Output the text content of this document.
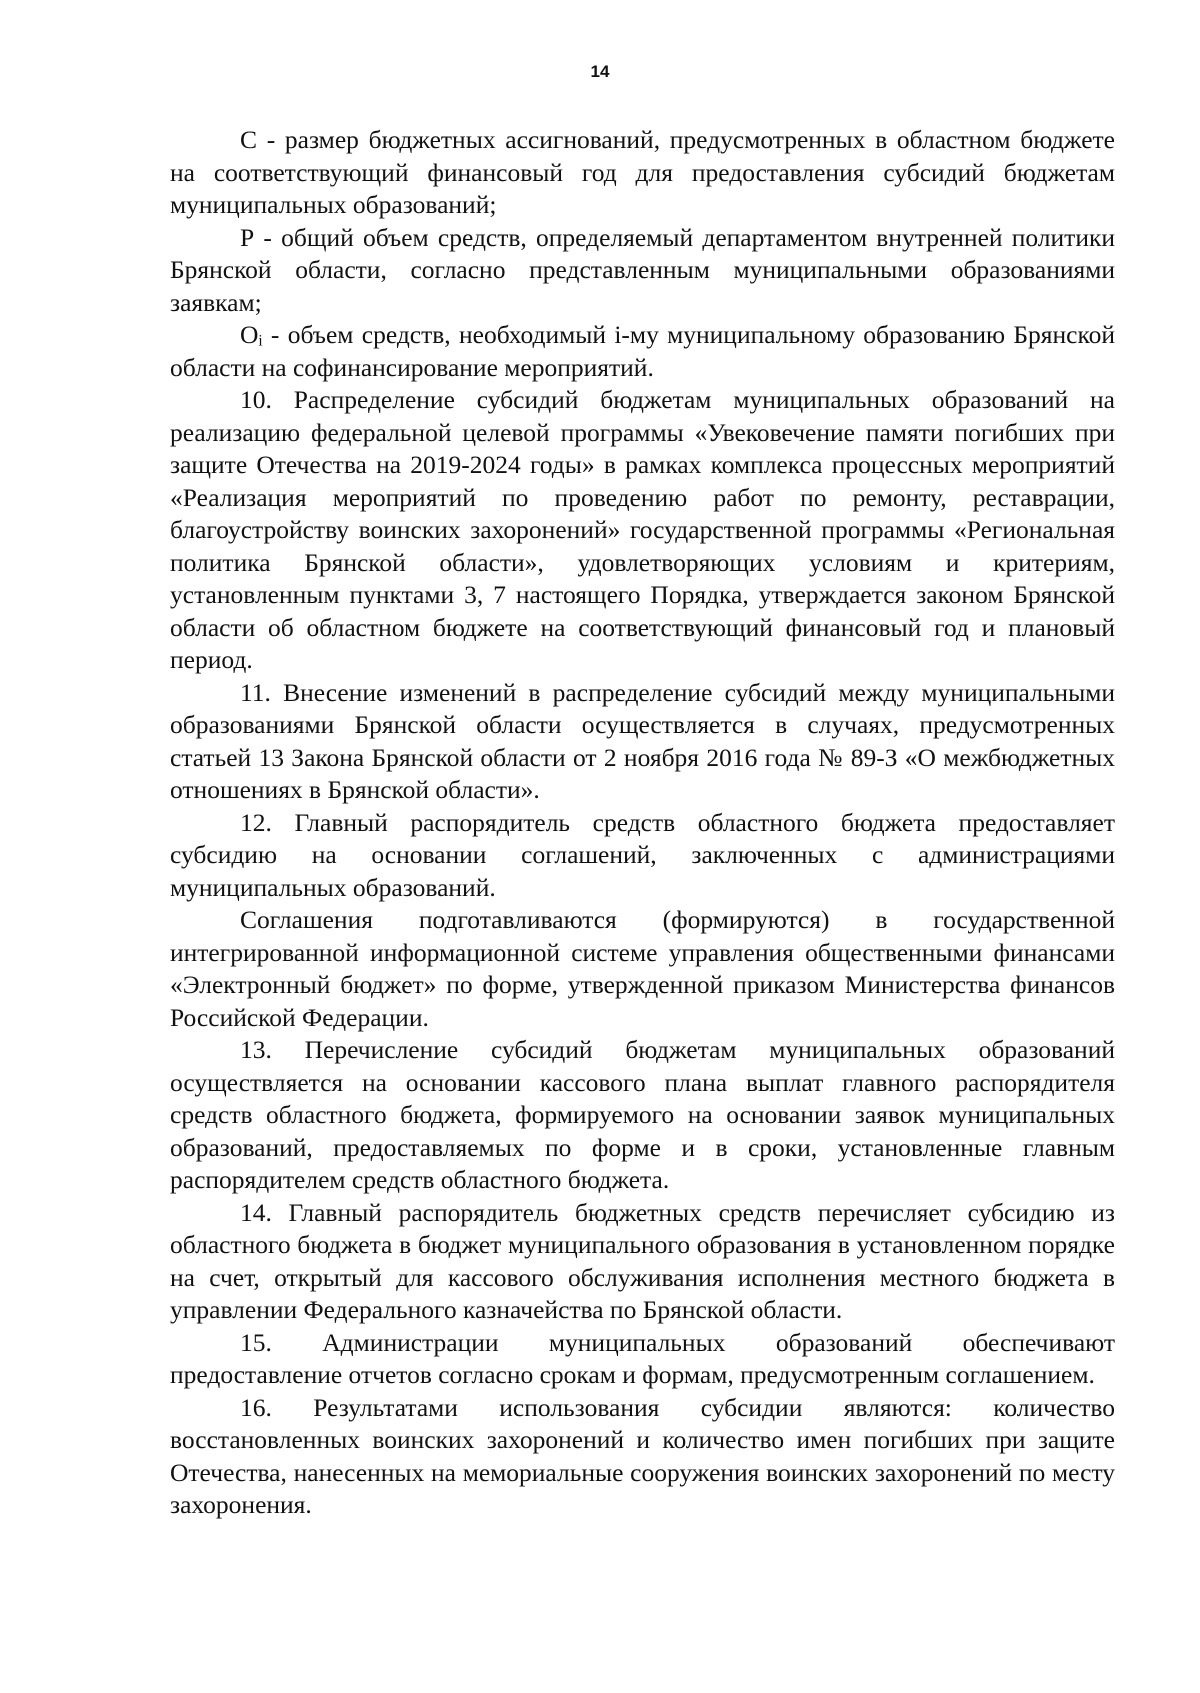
14

С - размер бюджетных ассигнований, предусмотренных в областном бюджете на соответствующий финансовый год для предоставления субсидий бюджетам муниципальных образований;

Р - общий объем средств, определяемый департаментом внутренней политики Брянской области, согласно представленным муниципальными образованиями заявкам;

Оᵢ - объем средств, необходимый i-му муниципальному образованию Брянской области на софинансирование мероприятий.

10. Распределение субсидий бюджетам муниципальных образований на реализацию федеральной целевой программы «Увековечение памяти погибших при защите Отечества на 2019-2024 годы» в рамках комплекса процессных мероприятий «Реализация мероприятий по проведению работ по ремонту, реставрации, благоустройству воинских захоронений» государственной программы «Региональная политика Брянской области», удовлетворяющих условиям и критериям, установленным пунктами 3, 7 настоящего Порядка, утверждается законом Брянской области об областном бюджете на соответствующий финансовый год и плановый период.

11. Внесение изменений в распределение субсидий между муниципальными образованиями Брянской области осуществляется в случаях, предусмотренных статьей 13 Закона Брянской области от 2 ноября 2016 года № 89-З «О межбюджетных отношениях в Брянской области».

12. Главный распорядитель средств областного бюджета предоставляет субсидию на основании соглашений, заключенных с администрациями муниципальных образований.

Соглашения подготавливаются (формируются) в государственной интегрированной информационной системе управления общественными финансами «Электронный бюджет» по форме, утвержденной приказом Министерства финансов Российской Федерации.

13. Перечисление субсидий бюджетам муниципальных образований осуществляется на основании кассового плана выплат главного распорядителя средств областного бюджета, формируемого на основании заявок муниципальных образований, предоставляемых по форме и в сроки, установленные главным распорядителем средств областного бюджета.

14. Главный распорядитель бюджетных средств перечисляет субсидию из областного бюджета в бюджет муниципального образования в установленном порядке на счет, открытый для кассового обслуживания исполнения местного бюджета в управлении Федерального казначейства по Брянской области.

15. Администрации муниципальных образований обеспечивают предоставление отчетов согласно срокам и формам, предусмотренным соглашением.

16. Результатами использования субсидии являются: количество восстановленных воинских захоронений и количество имен погибших при защите Отечества, нанесенных на мемориальные сооружения воинских захоронений по месту захоронения.
